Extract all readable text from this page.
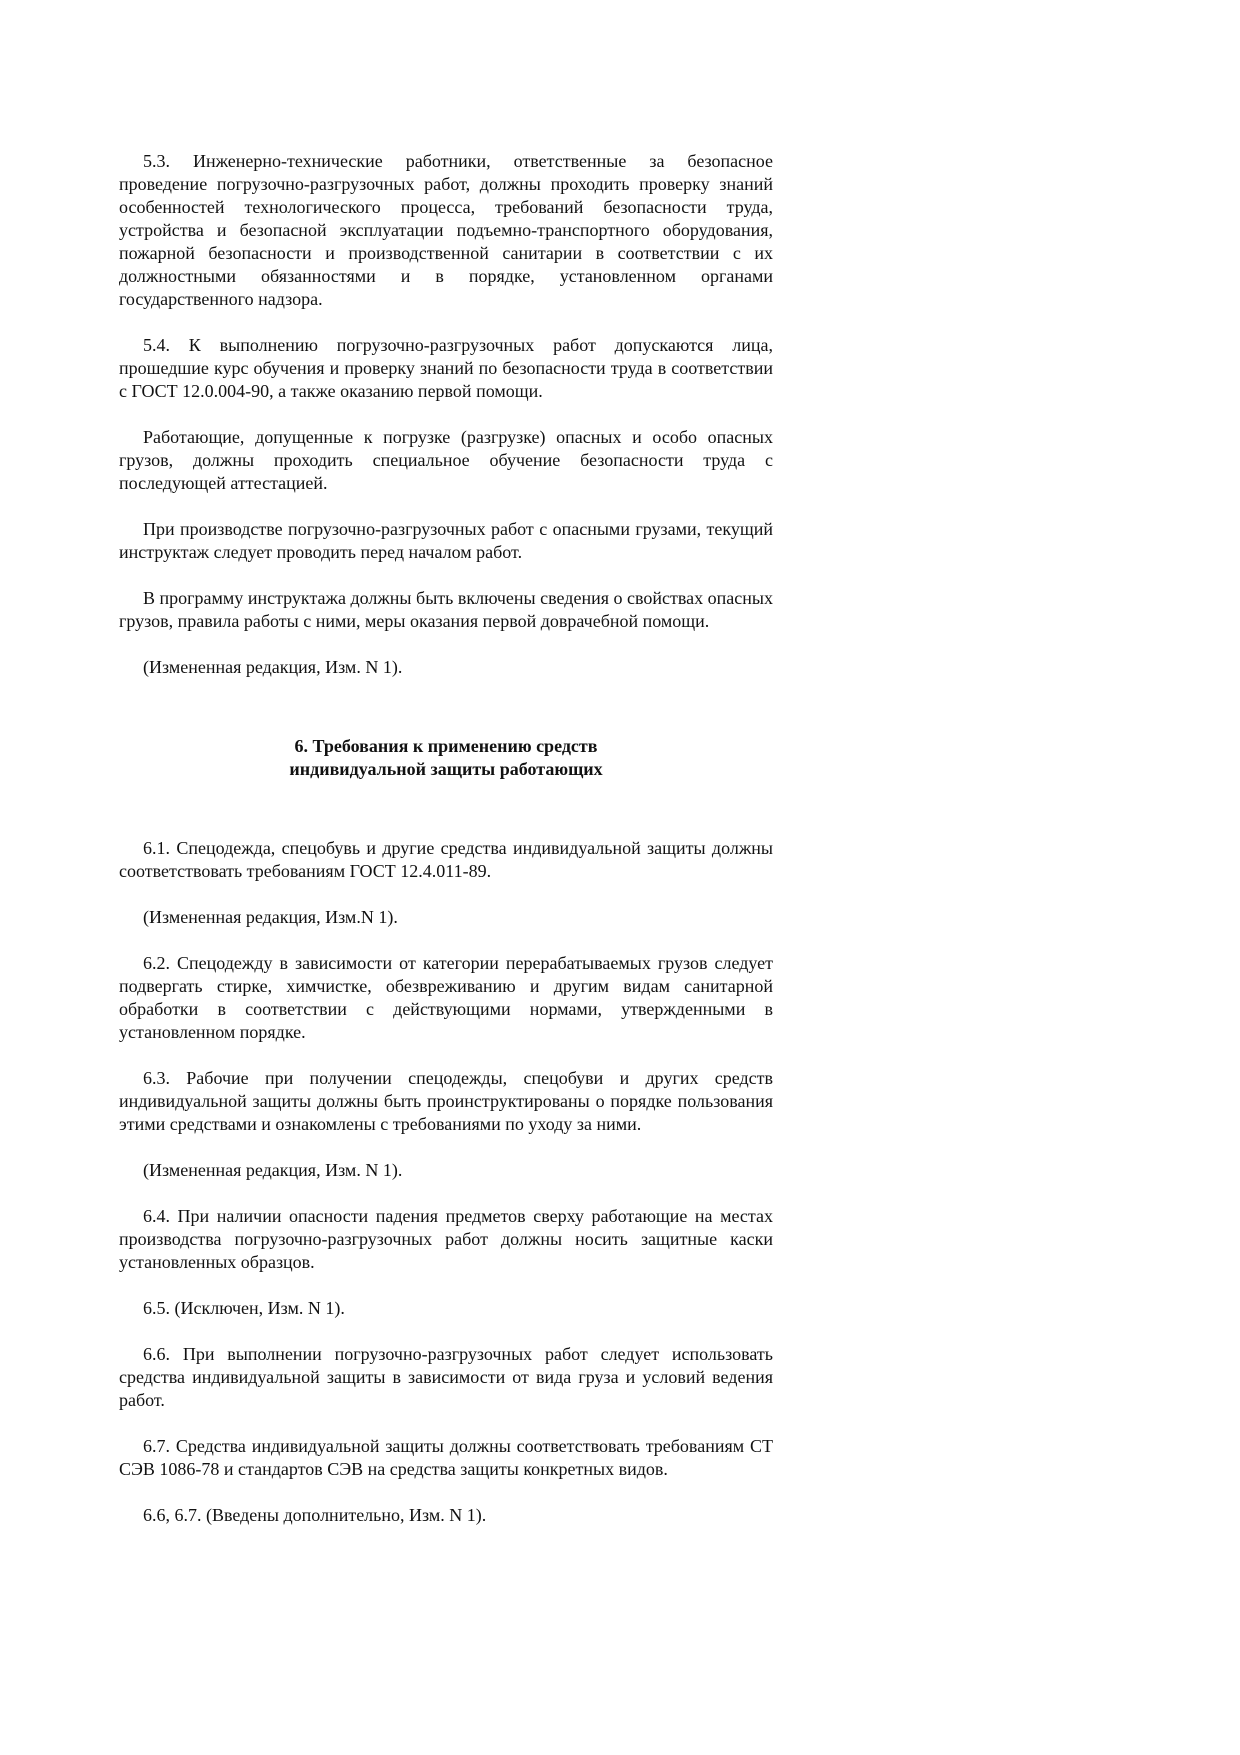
5.3. Инженерно-технические работники, ответственные за безопасное проведение погрузочно-разгрузочных работ, должны проходить проверку знаний особенностей технологического процесса, требований безопасности труда, устройства и безопасной эксплуатации подъемно-транспортного оборудования, пожарной безопасности и производственной санитарии в соответствии с их должностными обязанностями и в порядке, установленном органами государственного надзора.

5.4. К выполнению погрузочно-разгрузочных работ допускаются лица, прошедшие курс обучения и проверку знаний по безопасности труда в соответствии с ГОСТ 12.0.004-90, а также оказанию первой помощи.

Работающие, допущенные к погрузке (разгрузке) опасных и особо опасных грузов, должны проходить специальное обучение безопасности труда с последующей аттестацией.

При производстве погрузочно-разгрузочных работ с опасными грузами, текущий инструктаж следует проводить перед началом работ.

В программу инструктажа должны быть включены сведения о свойствах опасных грузов, правила работы с ними, меры оказания первой доврачебной помощи.

(Измененная редакция, Изм. N 1).

6. Требования к применению средств
индивидуальной защиты работающих

6.1. Спецодежда, спецобувь и другие средства индивидуальной защиты должны соответствовать требованиям ГОСТ 12.4.011-89.

(Измененная редакция, Изм.N 1).

6.2. Спецодежду в зависимости от категории перерабатываемых грузов следует подвергать стирке, химчистке, обезвреживанию и другим видам санитарной обработки в соответствии с действующими нормами, утвержденными в установленном порядке.

6.3. Рабочие при получении спецодежды, спецобуви и других средств индивидуальной защиты должны быть проинструктированы о порядке пользования этими средствами и ознакомлены с требованиями по уходу за ними.

(Измененная редакция, Изм. N 1).

6.4. При наличии опасности падения предметов сверху работающие на местах производства погрузочно-разгрузочных работ должны носить защитные каски установленных образцов.

6.5. (Исключен, Изм. N 1).

6.6. При выполнении погрузочно-разгрузочных работ следует использовать средства индивидуальной защиты в зависимости от вида груза и условий ведения работ.

6.7. Средства индивидуальной защиты должны соответствовать требованиям СТ СЭВ 1086-78 и стандартов СЭВ на средства защиты конкретных видов.

6.6, 6.7. (Введены дополнительно, Изм. N 1).
